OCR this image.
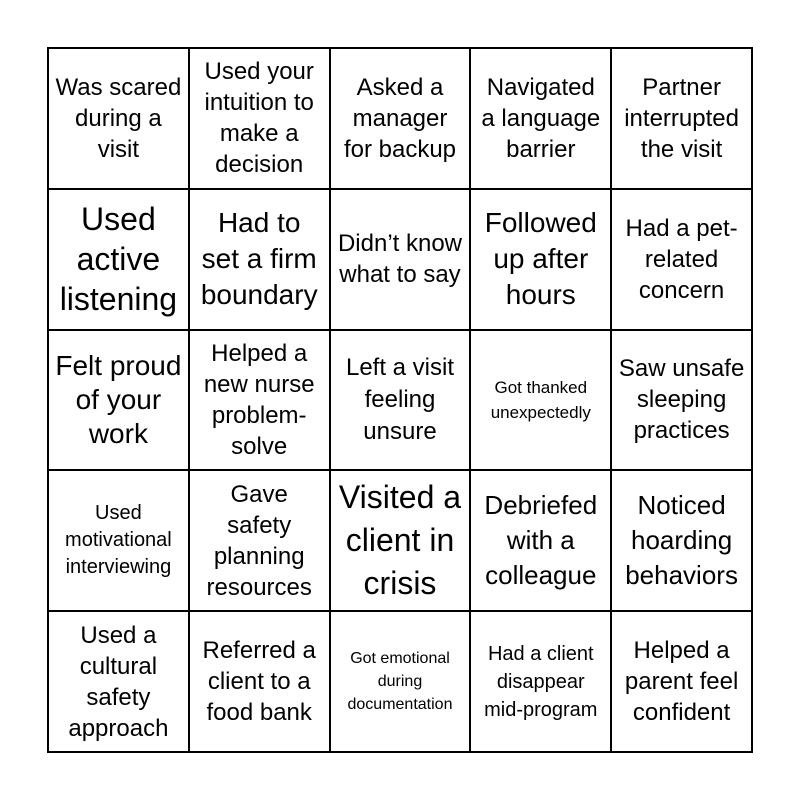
Was scared during a visit
Used your intuition to make a decision
Asked a manager for backup
Navigated a language barrier
Partner interrupted the visit
Used active listening
Had to set a firm boundary
Didn’t know what to say
Followed up after hours
Had a pet-related concern
Felt proud of your work
Helped a new nurse problem-solve
Left a visit feeling unsure
Got thanked unexpectedly
Saw unsafe sleeping practices
Used motivational interviewing
Gave safety planning resources
Visited a client in crisis
Debriefed with a colleague
Noticed hoarding behaviors
Used a cultural safety approach
Referred a client to a food bank
Got emotional during documentation
Had a client disappear mid-program
Helped a parent feel confident
